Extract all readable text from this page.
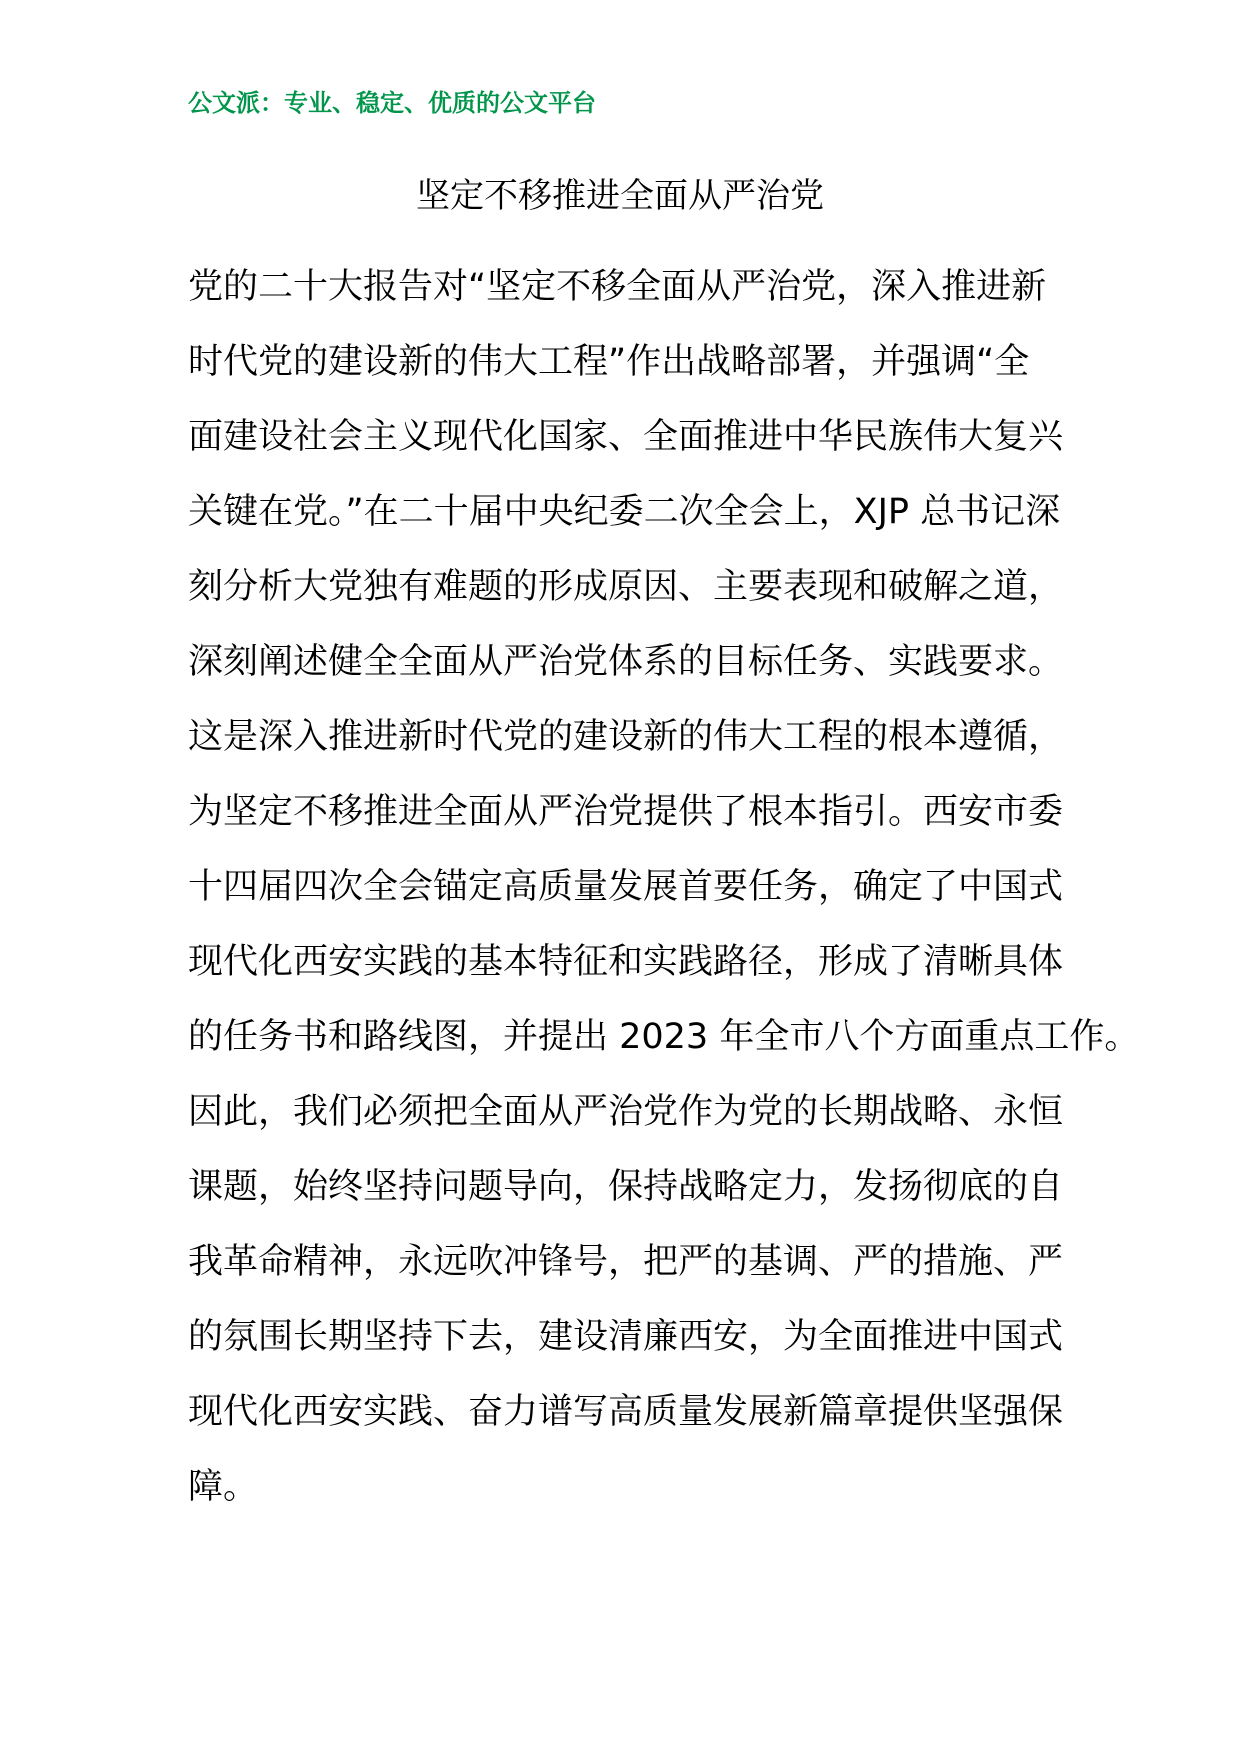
公文派：专业、稳定、优质的公文平台
坚定不移推进全面从严治党
党的二十大报告对“坚定不移全面从严治党，深入推进新
时代党的建设新的伟大工程”作出战略部署，并强调“全
面建设社会主义现代化国家、全面推进中华民族伟大复兴
关键在党。”在二十届中央纪委二次全会上，XJP 总书记深
刻分析大党独有难题的形成原因、主要表现和破解之道，
深刻阐述健全全面从严治党体系的目标任务、实践要求。
这是深入推进新时代党的建设新的伟大工程的根本遵循，
为坚定不移推进全面从严治党提供了根本指引。西安市委
十四届四次全会锚定高质量发展首要任务，确定了中国式
现代化西安实践的基本特征和实践路径，形成了清晰具体
的任务书和路线图，并提出 2023 年全市八个方面重点工作。
因此，我们必须把全面从严治党作为党的长期战略、永恒
课题，始终坚持问题导向，保持战略定力，发扬彻底的自
我革命精神，永远吹冲锋号，把严的基调、严的措施、严
的氛围长期坚持下去，建设清廉西安，为全面推进中国式
现代化西安实践、奋力谱写高质量发展新篇章提供坚强保
障。
